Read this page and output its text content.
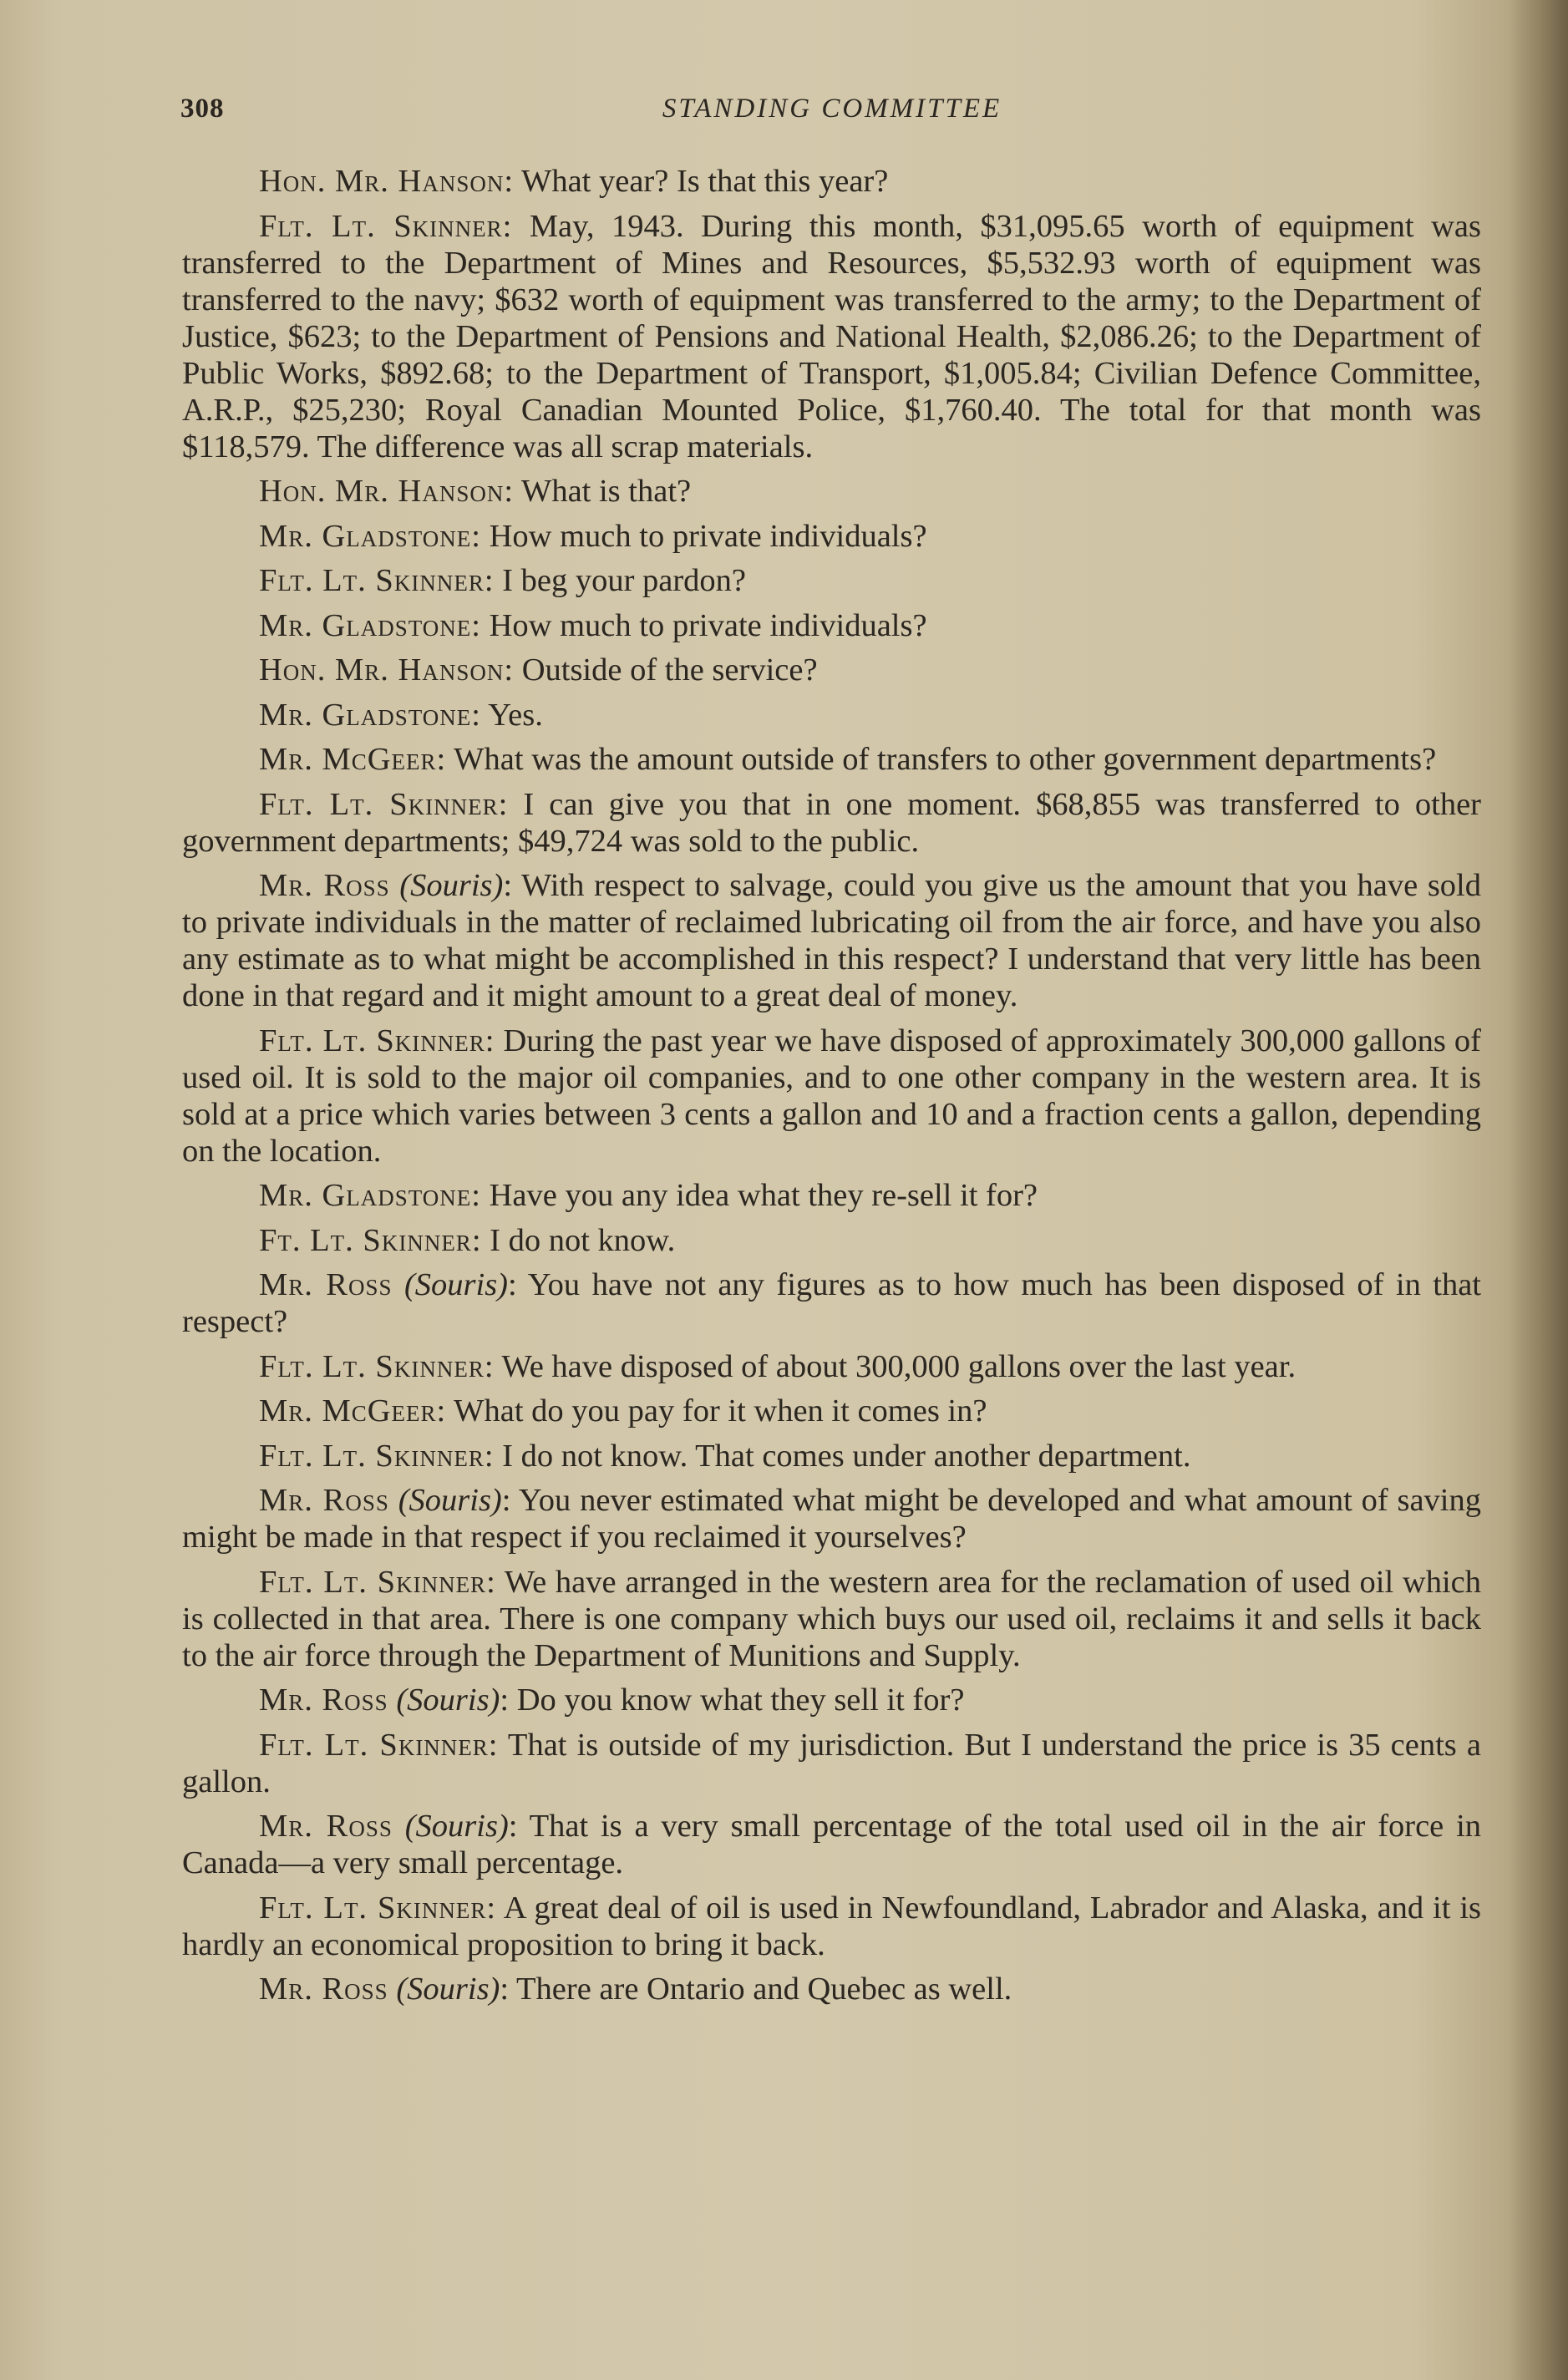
308	STANDING COMMITTEE

Hon. Mr. Hanson: What year? Is that this year?

Flt. Lt. Skinner: May, 1943. During this month, $31,095.65 worth of equipment was transferred to the Department of Mines and Resources, $5,532.93 worth of equipment was transferred to the navy; $632 worth of equipment was transferred to the army; to the Department of Justice, $623; to the Department of Pensions and National Health, $2,086.26; to the Department of Public Works, $892.68; to the Department of Transport, $1,005.84; Civilian Defence Committee, A.R.P., $25,230; Royal Canadian Mounted Police, $1,760.40. The total for that month was $118,579. The difference was all scrap materials.

Hon. Mr. Hanson: What is that?

Mr. Gladstone: How much to private individuals?

Flt. Lt. Skinner: I beg your pardon?

Mr. Gladstone: How much to private individuals?

Hon. Mr. Hanson: Outside of the service?

Mr. Gladstone: Yes.

Mr. McGeer: What was the amount outside of transfers to other government departments?

Flt. Lt. Skinner: I can give you that in one moment. $68,855 was transferred to other government departments; $49,724 was sold to the public.

Mr. Ross (Souris): With respect to salvage, could you give us the amount that you have sold to private individuals in the matter of reclaimed lubricating oil from the air force, and have you also any estimate as to what might be accomplished in this respect? I understand that very little has been done in that regard and it might amount to a great deal of money.

Flt. Lt. Skinner: During the past year we have disposed of approximately 300,000 gallons of used oil. It is sold to the major oil companies, and to one other company in the western area. It is sold at a price which varies between 3 cents a gallon and 10 and a fraction cents a gallon, depending on the location.

Mr. Gladstone: Have you any idea what they re-sell it for?

Ft. Lt. Skinner: I do not know.

Mr. Ross (Souris): You have not any figures as to how much has been disposed of in that respect?

Flt. Lt. Skinner: We have disposed of about 300,000 gallons over the last year.

Mr. McGeer: What do you pay for it when it comes in?

Flt. Lt. Skinner: I do not know. That comes under another department.

Mr. Ross (Souris): You never estimated what might be developed and what amount of saving might be made in that respect if you reclaimed it yourselves?

Flt. Lt. Skinner: We have arranged in the western area for the reclamation of used oil which is collected in that area. There is one company which buys our used oil, reclaims it and sells it back to the air force through the Department of Munitions and Supply.

Mr. Ross (Souris): Do you know what they sell it for?

Flt. Lt. Skinner: That is outside of my jurisdiction. But I understand the price is 35 cents a gallon.

Mr. Ross (Souris): That is a very small percentage of the total used oil in the air force in Canada—a very small percentage.

Flt. Lt. Skinner: A great deal of oil is used in Newfoundland, Labrador and Alaska, and it is hardly an economical proposition to bring it back.

Mr. Ross (Souris): There are Ontario and Quebec as well.
